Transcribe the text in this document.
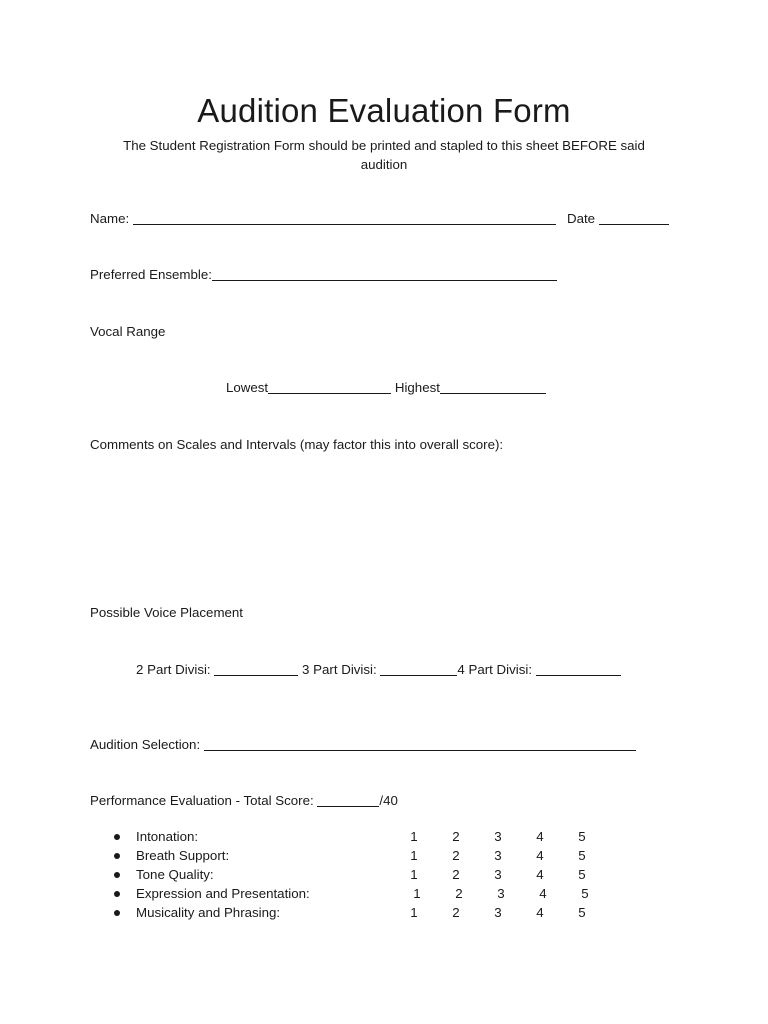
Audition Evaluation Form
The Student Registration Form should be printed and stapled to this sheet BEFORE said audition
Name:	Date
Preferred Ensemble:
Vocal Range
Lowest	Highest
Comments on Scales and Intervals (may factor this into overall score):
Possible Voice Placement
2 Part Divisi:	3 Part Divisi:	4 Part Divisi:
Audition Selection:
Performance Evaluation - Total Score:	/40
Intonation:	1	2	3	4	5
Breath Support:	1	2	3	4	5
Tone Quality:	1	2	3	4	5
Expression and Presentation:	1	2	3	4	5
Musicality and Phrasing:	1	2	3	4	5
